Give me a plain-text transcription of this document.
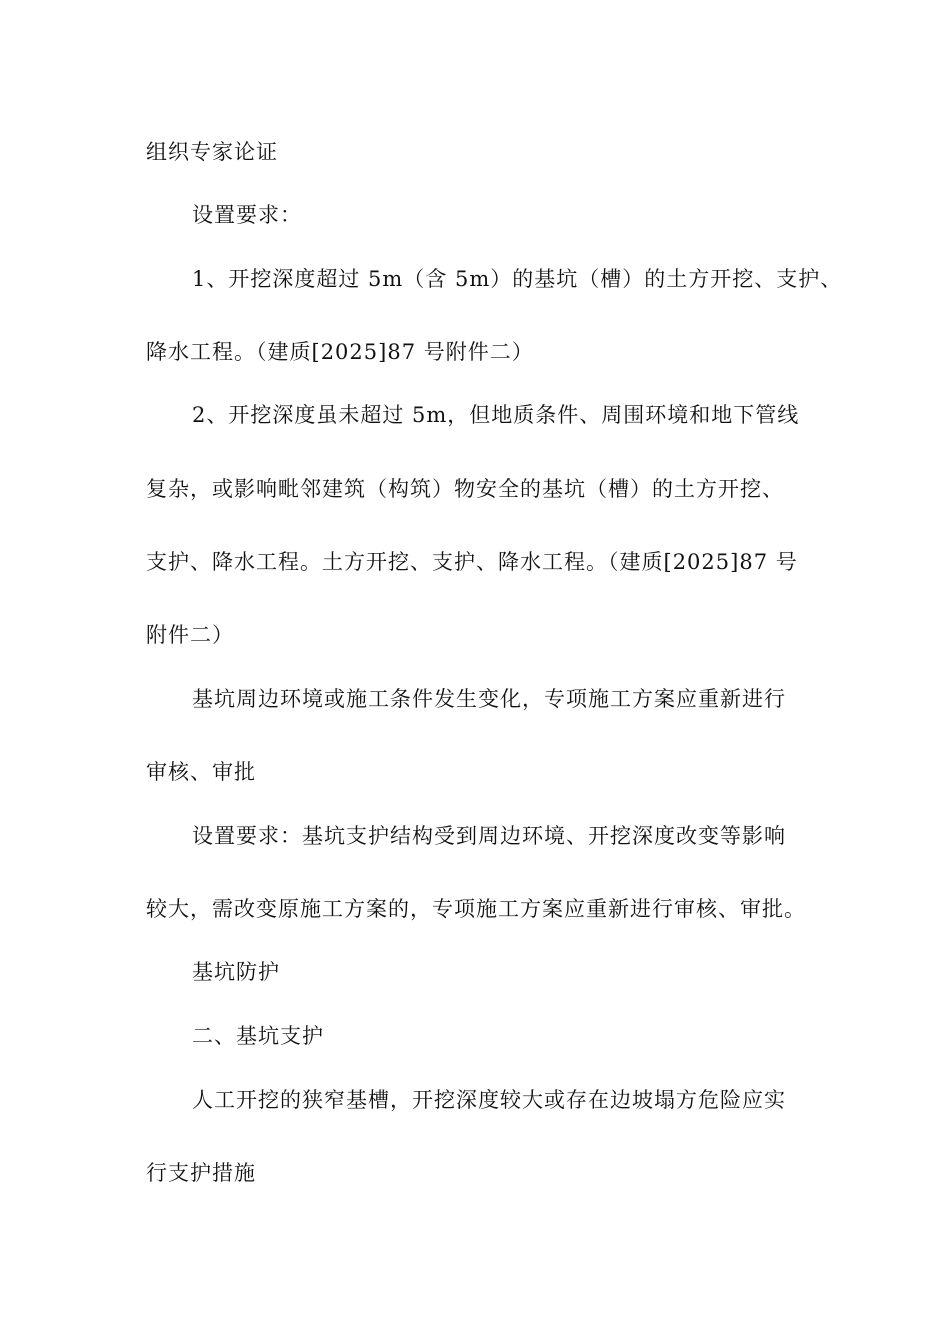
组织专家论证
设置要求：
1、开挖深度超过 5m（含 5m）的基坑（槽）的土方开挖、支护、
降水工程。（建质[2025]87 号附件二）
2、开挖深度虽未超过 5m，但地质条件、周围环境和地下管线
复杂，或影响毗邻建筑（构筑）物安全的基坑（槽）的土方开挖、
支护、降水工程。土方开挖、支护、降水工程。（建质[2025]87 号
附件二）
基坑周边环境或施工条件发生变化，专项施工方案应重新进行
审核、审批
设置要求：基坑支护结构受到周边环境、开挖深度改变等影响
较大，需改变原施工方案的，专项施工方案应重新进行审核、审批。
基坑防护
二、基坑支护
人工开挖的狭窄基槽，开挖深度较大或存在边坡塌方危险应实
行支护措施
